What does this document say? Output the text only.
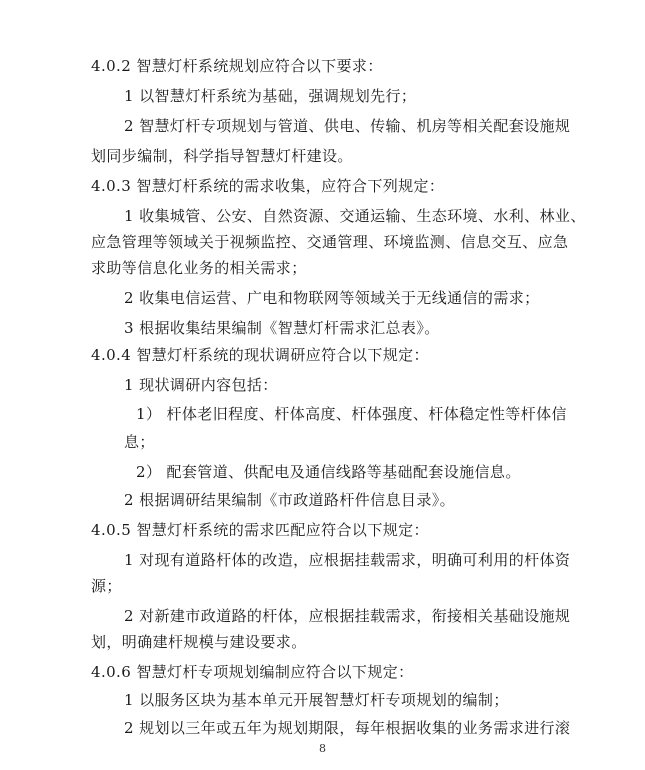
4.0.2 智慧灯杆系统规划应符合以下要求：
1 以智慧灯杆系统为基础，强调规划先行；
2 智慧灯杆专项规划与管道、供电、传输、机房等相关配套设施规
划同步编制，科学指导智慧灯杆建设。
4.0.3 智慧灯杆系统的需求收集，应符合下列规定：
1 收集城管、公安、自然资源、交通运输、生态环境、水利、林业、
应急管理等领域关于视频监控、交通管理、环境监测、信息交互、应急
求助等信息化业务的相关需求；
2 收集电信运营、广电和物联网等领域关于无线通信的需求；
3 根据收集结果编制《智慧灯杆需求汇总表》。
4.0.4 智慧灯杆系统的现状调研应符合以下规定：
1 现状调研内容包括：
1） 杆体老旧程度、杆体高度、杆体强度、杆体稳定性等杆体信
息；
2） 配套管道、供配电及通信线路等基础配套设施信息。
2 根据调研结果编制《市政道路杆件信息目录》。
4.0.5 智慧灯杆系统的需求匹配应符合以下规定：
1 对现有道路杆体的改造，应根据挂载需求，明确可利用的杆体资
源；
2 对新建市政道路的杆体，应根据挂载需求，衔接相关基础设施规
划，明确建杆规模与建设要求。
4.0.6 智慧灯杆专项规划编制应符合以下规定：
1 以服务区块为基本单元开展智慧灯杆专项规划的编制；
2 规划以三年或五年为规划期限，每年根据收集的业务需求进行滚
8
